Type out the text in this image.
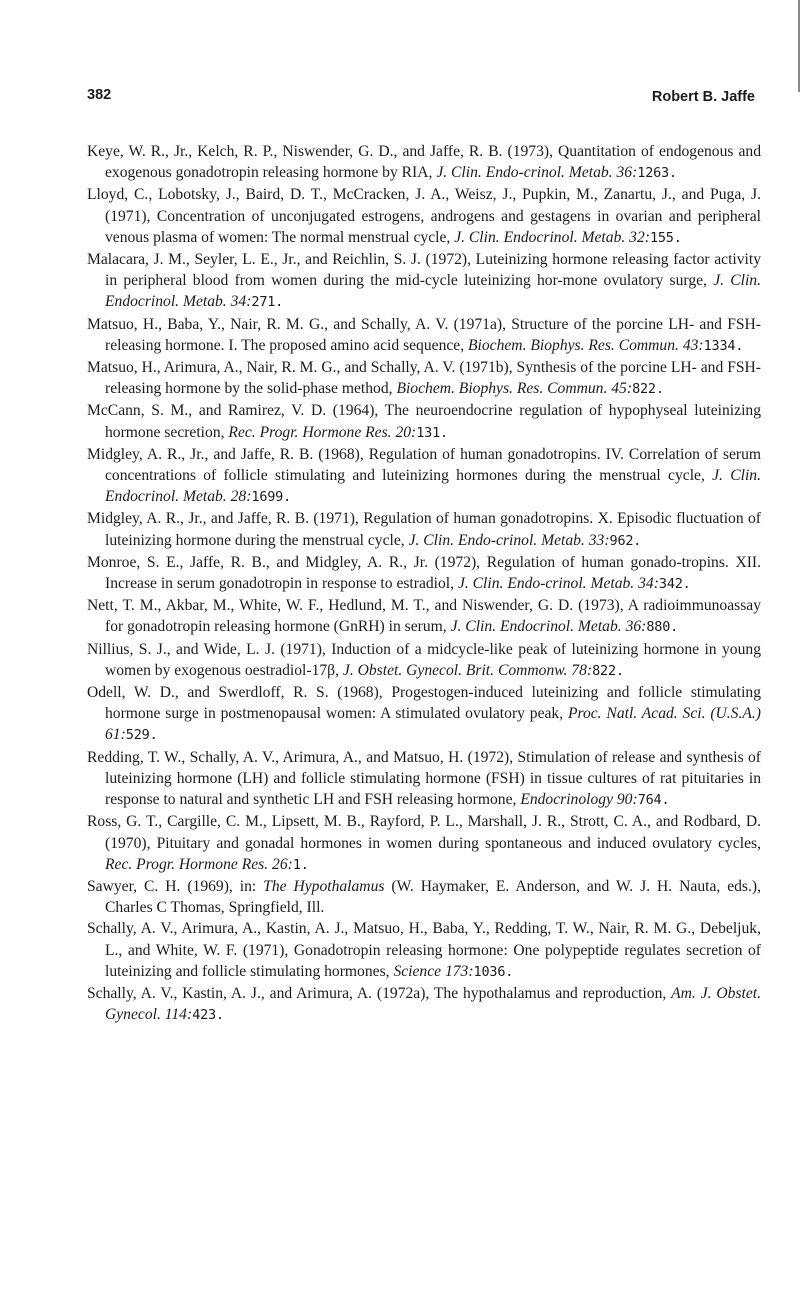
382	Robert B. Jaffe
Keye, W. R., Jr., Kelch, R. P., Niswender, G. D., and Jaffe, R. B. (1973), Quantitation of endogenous and exogenous gonadotropin releasing hormone by RIA, J. Clin. Endo-crinol. Metab. 36:1263.
Lloyd, C., Lobotsky, J., Baird, D. T., McCracken, J. A., Weisz, J., Pupkin, M., Zanartu, J., and Puga, J. (1971), Concentration of unconjugated estrogens, androgens and gestagens in ovarian and peripheral venous plasma of women: The normal menstrual cycle, J. Clin. Endocrinol. Metab. 32:155.
Malacara, J. M., Seyler, L. E., Jr., and Reichlin, S. J. (1972), Luteinizing hormone releasing factor activity in peripheral blood from women during the mid-cycle luteinizing hor-mone ovulatory surge, J. Clin. Endocrinol. Metab. 34:271.
Matsuo, H., Baba, Y., Nair, R. M. G., and Schally, A. V. (1971a), Structure of the porcine LH- and FSH-releasing hormone. I. The proposed amino acid sequence, Biochem. Biophys. Res. Commun. 43:1334.
Matsuo, H., Arimura, A., Nair, R. M. G., and Schally, A. V. (1971b), Synthesis of the porcine LH- and FSH-releasing hormone by the solid-phase method, Biochem. Biophys. Res. Commun. 45:822.
McCann, S. M., and Ramirez, V. D. (1964), The neuroendocrine regulation of hypophyseal luteinizing hormone secretion, Rec. Progr. Hormone Res. 20:131.
Midgley, A. R., Jr., and Jaffe, R. B. (1968), Regulation of human gonadotropins. IV. Correlation of serum concentrations of follicle stimulating and luteinizing hormones during the menstrual cycle, J. Clin. Endocrinol. Metab. 28:1699.
Midgley, A. R., Jr., and Jaffe, R. B. (1971), Regulation of human gonadotropins. X. Episodic fluctuation of luteinizing hormone during the menstrual cycle, J. Clin. Endo-crinol. Metab. 33:962.
Monroe, S. E., Jaffe, R. B., and Midgley, A. R., Jr. (1972), Regulation of human gonado-tropins. XII. Increase in serum gonadotropin in response to estradiol, J. Clin. Endo-crinol. Metab. 34:342.
Nett, T. M., Akbar, M., White, W. F., Hedlund, M. T., and Niswender, G. D. (1973), A radioimmunoassay for gonadotropin releasing hormone (GnRH) in serum, J. Clin. Endocrinol. Metab. 36:880.
Nillius, S. J., and Wide, L. J. (1971), Induction of a midcycle-like peak of luteinizing hormone in young women by exogenous oestradiol-17β, J. Obstet. Gynecol. Brit. Commonw. 78:822.
Odell, W. D., and Swerdloff, R. S. (1968), Progestogen-induced luteinizing and follicle stimulating hormone surge in postmenopausal women: A stimulated ovulatory peak, Proc. Natl. Acad. Sci. (U.S.A.) 61:529.
Redding, T. W., Schally, A. V., Arimura, A., and Matsuo, H. (1972), Stimulation of release and synthesis of luteinizing hormone (LH) and follicle stimulating hormone (FSH) in tissue cultures of rat pituitaries in response to natural and synthetic LH and FSH releasing hormone, Endocrinology 90:764.
Ross, G. T., Cargille, C. M., Lipsett, M. B., Rayford, P. L., Marshall, J. R., Strott, C. A., and Rodbard, D. (1970), Pituitary and gonadal hormones in women during spontaneous and induced ovulatory cycles, Rec. Progr. Hormone Res. 26:1.
Sawyer, C. H. (1969), in: The Hypothalamus (W. Haymaker, E. Anderson, and W. J. H. Nauta, eds.), Charles C Thomas, Springfield, Ill.
Schally, A. V., Arimura, A., Kastin, A. J., Matsuo, H., Baba, Y., Redding, T. W., Nair, R. M. G., Debeljuk, L., and White, W. F. (1971), Gonadotropin releasing hormone: One polypeptide regulates secretion of luteinizing and follicle stimulating hormones, Science 173:1036.
Schally, A. V., Kastin, A. J., and Arimura, A. (1972a), The hypothalamus and reproduction, Am. J. Obstet. Gynecol. 114:423.
